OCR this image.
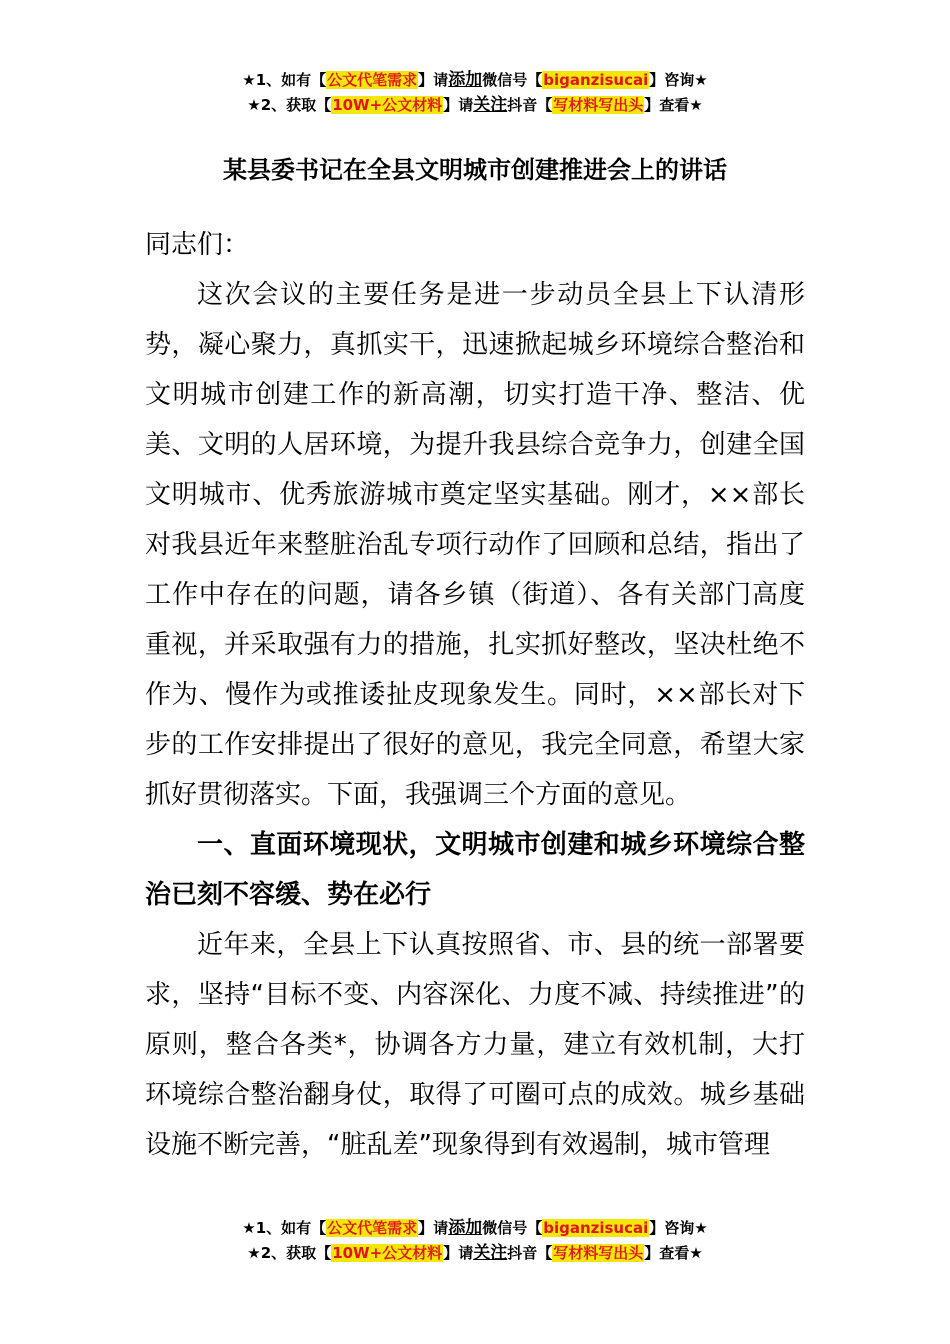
★1、如有【公文代笔需求】请添加微信号【biganzisucai】咨询★
★2、获取【10W+公文材料】请关注抖音【写材料写出头】查看★
某县委书记在全县文明城市创建推进会上的讲话

同志们：

这次会议的主要任务是进一步动员全县上下认清形势，凝心聚力，真抓实干，迅速掀起城乡环境综合整治和文明城市创建工作的新高潮，切实打造干净、整洁、优美、文明的人居环境，为提升我县综合竞争力，创建全国文明城市、优秀旅游城市奠定坚实基础。刚才，××部长对我县近年来整脏治乱专项行动作了回顾和总结，指出了工作中存在的问题，请各乡镇（街道）、各有关部门高度重视，并采取强有力的措施，扎实抓好整改，坚决杜绝不作为、慢作为或推诿扯皮现象发生。同时，××部长对下步的工作安排提出了很好的意见，我完全同意，希望大家抓好贯彻落实。下面，我强调三个方面的意见。

一、直面环境现状，文明城市创建和城乡环境综合整治已刻不容缓、势在必行

近年来，全县上下认真按照省、市、县的统一部署要求，坚持“目标不变、内容深化、力度不减、持续推进”的原则，整合各类*，协调各方力量，建立有效机制，大打环境综合整治翻身仗，取得了可圈可点的成效。城乡基础设施不断完善，“脏乱差”现象得到有效遏制，城市管理

★1、如有【公文代笔需求】请添加微信号【biganzisucai】咨询★
★2、获取【10W+公文材料】请关注抖音【写材料写出头】查看★
